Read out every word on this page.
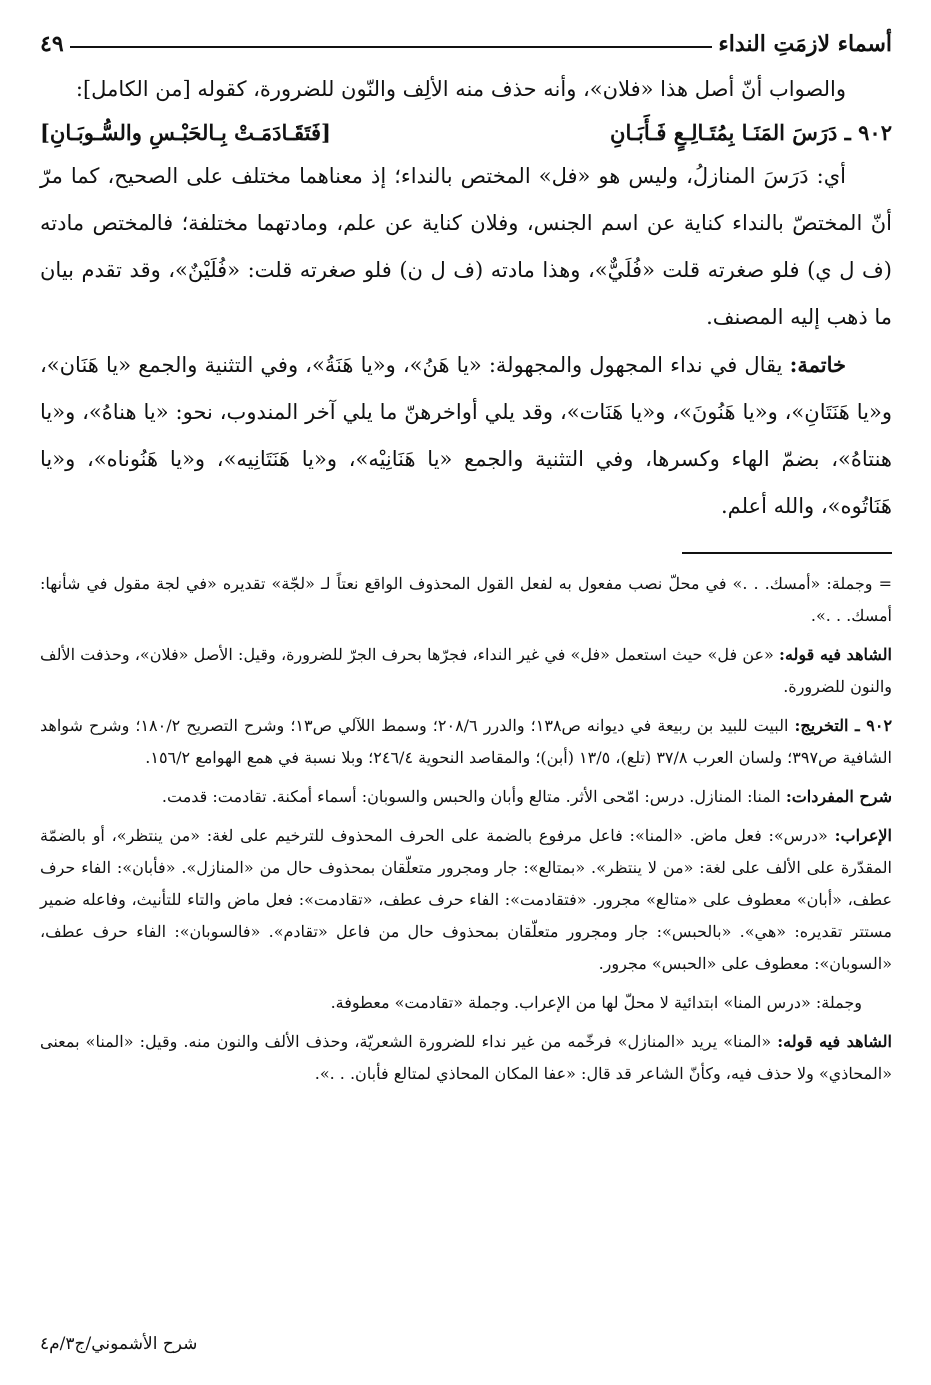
أسماء لازمَتِ النداء
٤٩

والصواب أنّ أصل هذا «فلان»، وأنه حذف منه الألِف والنّون للضرورة، كقوله [من الكامل]:

٩٠٢ ـ دَرَسَ المَنَـا بِمُتَـالِـعٍ فَـأَبَـانِ
[فَتَقَـادَمَـتْ بِـالحَبْـسِ والسُّـوبَـانِ]

أي: دَرَسَ المنازلُ، وليس هو «فل» المختص بالنداء؛ إذ معناهما مختلف على الصحيح، كما مرّ أنّ المختصّ بالنداء كناية عن اسم الجنس، وفلان كناية عن علم، ومادتهما مختلفة؛ فالمختص مادته (ف ل ي) فلو صغرته قلت «فُلَيٌّ»، وهذا مادته (ف ل ن) فلو صغرته قلت: «فُلَيْنٌ»، وقد تقدم بيان ما ذهب إليه المصنف.

خاتمة: يقال في نداء المجهول والمجهولة: «يا هَنُ»، و«يا هَنَةُ»، وفي التثنية والجمع «يا هَنَان»، و«يا هَنَتَانِ»، و«يا هَنُونَ»، و«يا هَنَات»، وقد يلي أواخرهنّ ما يلي آخر المندوب، نحو: «يا هناهُ»، و«يا هنتاهُ»، بضمّ الهاء وكسرها، وفي التثنية والجمع «يا هَنَانِيْه»، و«يا هَنَتَانِيه»، و«يا هَنُوناه»، و«يا هَنَاتُوه»، والله أعلم.

= وجملة: «أمسك. . .» في محلّ نصب مفعول به لفعل القول المحذوف الواقع نعتاً لـ «لجّة» تقديره «في لجة مقول في شأنها: أمسك. . .».

الشاهد فيه قوله: «عن فل» حيث استعمل «فل» في غير النداء، فجرّها بحرف الجرّ للضرورة، وقيل: الأصل «فلان»، وحذفت الألف والنون للضرورة.

٩٠٢ ـ التخريج: البيت للبيد بن ربيعة في ديوانه ص١٣٨؛ والدرر ٢٠٨/٦؛ وسمط اللآلي ص١٣؛ وشرح التصريح ١٨٠/٢؛ وشرح شواهد الشافية ص٣٩٧؛ ولسان العرب ٣٧/٨ (تلع)، ١٣/٥ (أبن)؛ والمقاصد النحوية ٢٤٦/٤؛ وبلا نسبة في همع الهوامع ١٥٦/٢.

شرح المفردات: المنا: المنازل. درس: امّحى الأثر. متالع وأبان والحبس والسوبان: أسماء أمكنة. تقادمت: قدمت.

الإعراب: «درس»: فعل ماض. «المنا»: فاعل مرفوع بالضمة على الحرف المحذوف للترخيم على لغة: «من ينتظر»، أو بالضمّة المقدّرة على الألف على لغة: «من لا ينتظر». «بمتالع»: جار ومجرور متعلّقان بمحذوف حال من «المنازل». «فأبان»: الفاء حرف عطف، «أبان» معطوف على «متالع» مجرور. «فتقادمت»: الفاء حرف عطف، «تقادمت»: فعل ماض والتاء للتأنيث، وفاعله ضمير مستتر تقديره: «هي». «بالحبس»: جار ومجرور متعلّقان بمحذوف حال من فاعل «تقادم». «فالسوبان»: الفاء حرف عطف، «السوبان»: معطوف على «الحبس» مجرور.

وجملة: «درس المنا» ابتدائية لا محلّ لها من الإعراب. وجملة «تقادمت» معطوفة.

الشاهد فيه قوله: «المنا» يريد «المنازل» فرخّمه من غير نداء للضرورة الشعريّة، وحذف الألف والنون منه. وقيل: «المنا» بمعنى «المحاذي» ولا حذف فيه، وكأنّ الشاعر قد قال: «عفا المكان المحاذي لمتالع فأبان. . .».

شرح الأشموني/ج٣/م٤
